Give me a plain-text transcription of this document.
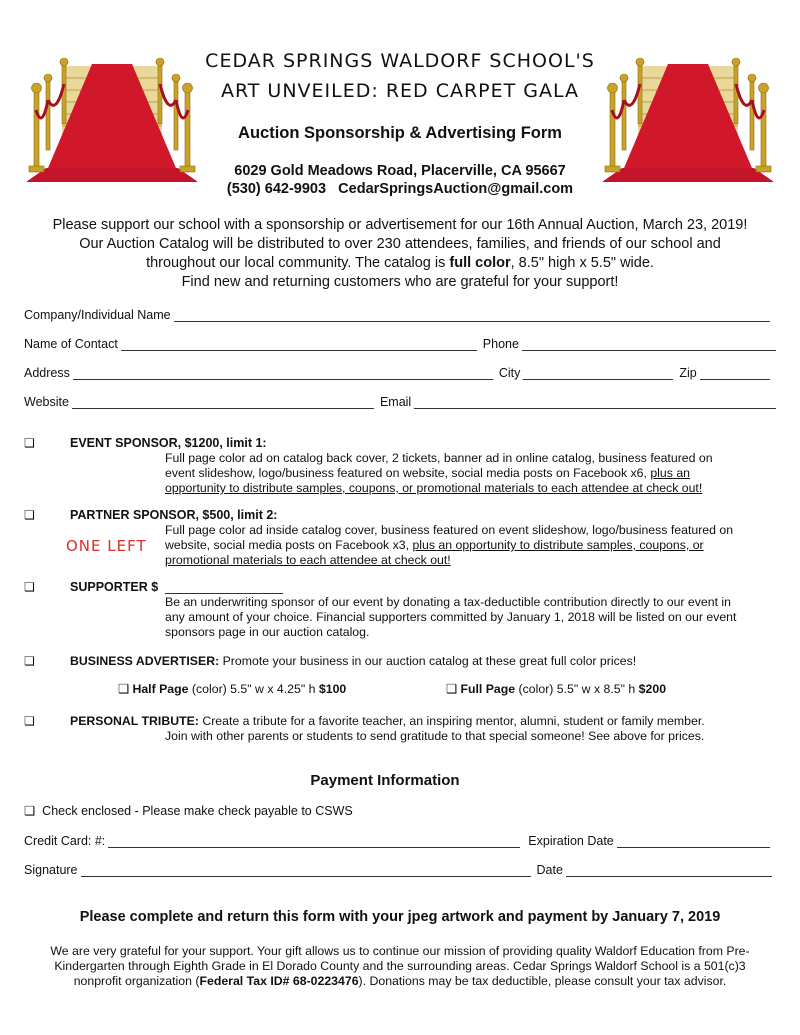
CEDAR SPRINGS WALDORF SCHOOL'S
ART UNVEILED: RED CARPET GALA
Auction Sponsorship & Advertising Form
6029 Gold Meadows Road, Placerville, CA 95667
(530) 642-9903 CedarSpringsAuction@gmail.com
Please support our school with a sponsorship or advertisement for our 16th Annual Auction, March 23, 2019!
Our Auction Catalog will be distributed to over 230 attendees, families, and friends of our school and
throughout our local community. The catalog is full color, 8.5" high x 5.5" wide.
Find new and returning customers who are grateful for your support!
Company/Individual Name
Name of Contact	Phone
Address	City	Zip
Website	Email
❑	EVENT SPONSOR, $1200, limit 1:
Full page color ad on catalog back cover, 2 tickets, banner ad in online catalog, business featured on
event slideshow, logo/business featured on website, social media posts on Facebook x6, plus an
opportunity to distribute samples, coupons, or promotional materials to each attendee at check out!
❑	PARTNER SPONSOR, $500, limit 2:
ONE LEFT
Full page color ad inside catalog cover, business featured on event slideshow, logo/business featured on
website, social media posts on Facebook x3, plus an opportunity to distribute samples, coupons, or
promotional materials to each attendee at check out!
❑	SUPPORTER $
Be an underwriting sponsor of our event by donating a tax-deductible contribution directly to our event in
any amount of your choice. Financial supporters committed by January 1, 2018 will be listed on our event
sponsors page in our auction catalog.
❑	BUSINESS ADVERTISER: Promote your business in our auction catalog at these great full color prices!
❑ Half Page (color) 5.5" w x 4.25" h $100	❑ Full Page (color) 5.5" w x 8.5" h $200
❑	PERSONAL TRIBUTE: Create a tribute for a favorite teacher, an inspiring mentor, alumni, student or family member.
Join with other parents or students to send gratitude to that special someone! See above for prices.
Payment Information
❑ Check enclosed - Please make check payable to CSWS
Credit Card: #:	Expiration Date
Signature	Date
Please complete and return this form with your jpeg artwork and payment by January 7, 2019
We are very grateful for your support. Your gift allows us to continue our mission of providing quality Waldorf Education from Pre-
Kindergarten through Eighth Grade in El Dorado County and the surrounding areas. Cedar Springs Waldorf School is a 501(c)3
nonprofit organization (Federal Tax ID# 68-0223476). Donations may be tax deductible, please consult your tax advisor.
